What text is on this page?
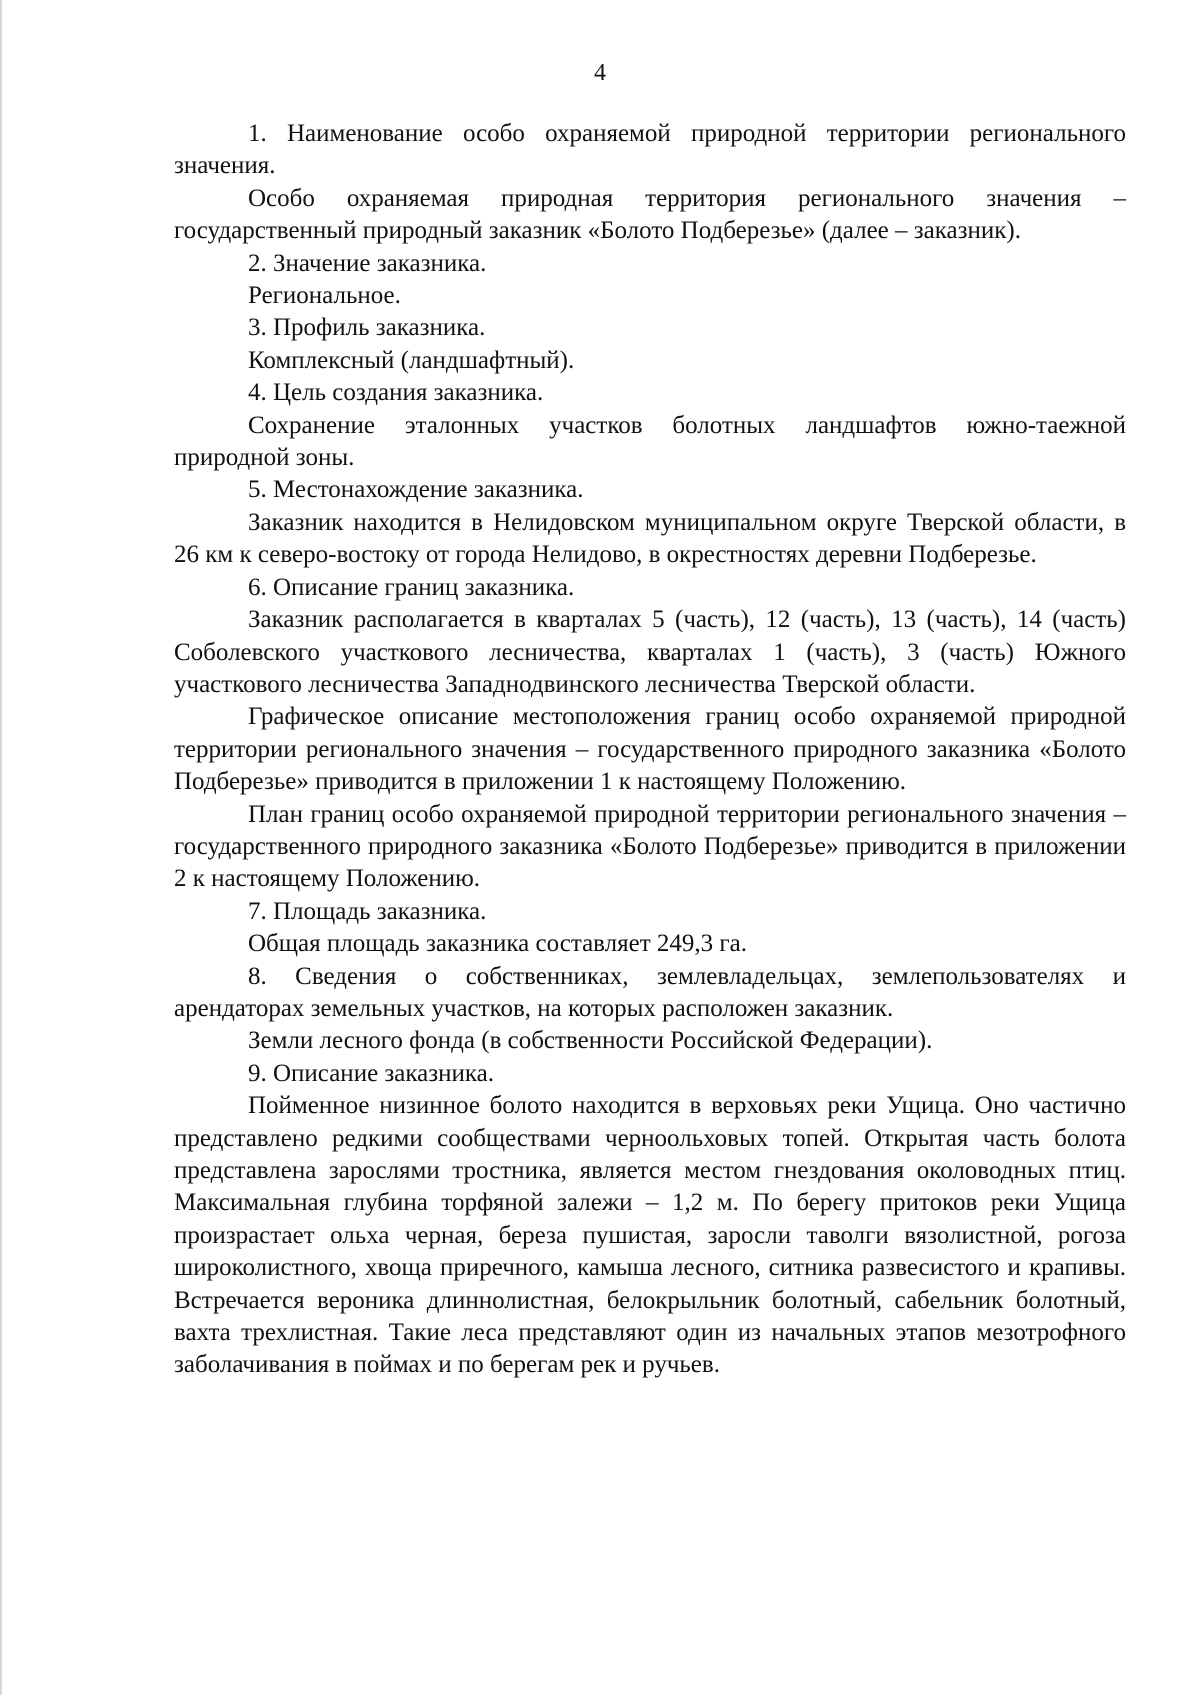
4

1. Наименование особо охраняемой природной территории регионального значения.

Особо охраняемая природная территория регионального значения – государственный природный заказник «Болото Подберезье» (далее – заказник).

2. Значение заказника.

Региональное.

3. Профиль заказника.

Комплексный (ландшафтный).

4. Цель создания заказника.

Сохранение эталонных участков болотных ландшафтов южно-таежной природной зоны.

5. Местонахождение заказника.

Заказник находится в Нелидовском муниципальном округе Тверской области, в 26 км к северо-востоку от города Нелидово, в окрестностях деревни Подберезье.

6. Описание границ заказника.

Заказник располагается в кварталах 5 (часть), 12 (часть), 13 (часть), 14 (часть) Соболевского участкового лесничества, кварталах 1 (часть), 3 (часть) Южного участкового лесничества Западнодвинского лесничества Тверской области.

Графическое описание местоположения границ особо охраняемой природной территории регионального значения – государственного природного заказника «Болото Подберезье» приводится в приложении 1 к настоящему Положению.

План границ особо охраняемой природной территории регионального значения – государственного природного заказника «Болото Подберезье» приводится в приложении 2 к настоящему Положению.

7. Площадь заказника.

Общая площадь заказника составляет 249,3 га.

8. Сведения о собственниках, землевладельцах, землепользователях и арендаторах земельных участков, на которых расположен заказник.

Земли лесного фонда (в собственности Российской Федерации).

9. Описание заказника.

Пойменное низинное болото находится в верховьях реки Ущица. Оно частично представлено редкими сообществами черноольховых топей. Открытая часть болота представлена зарослями тростника, является местом гнездования околоводных птиц. Максимальная глубина торфяной залежи – 1,2 м. По берегу притоков реки Ущица произрастает ольха черная, береза пушистая, заросли таволги вязолистной, рогоза широколистного, хвоща приречного, камыша лесного, ситника развесистого и крапивы. Встречается вероника длиннолистная, белокрыльник болотный, сабельник болотный, вахта трехлистная. Такие леса представляют один из начальных этапов мезотрофного заболачивания в поймах и по берегам рек и ручьев.
